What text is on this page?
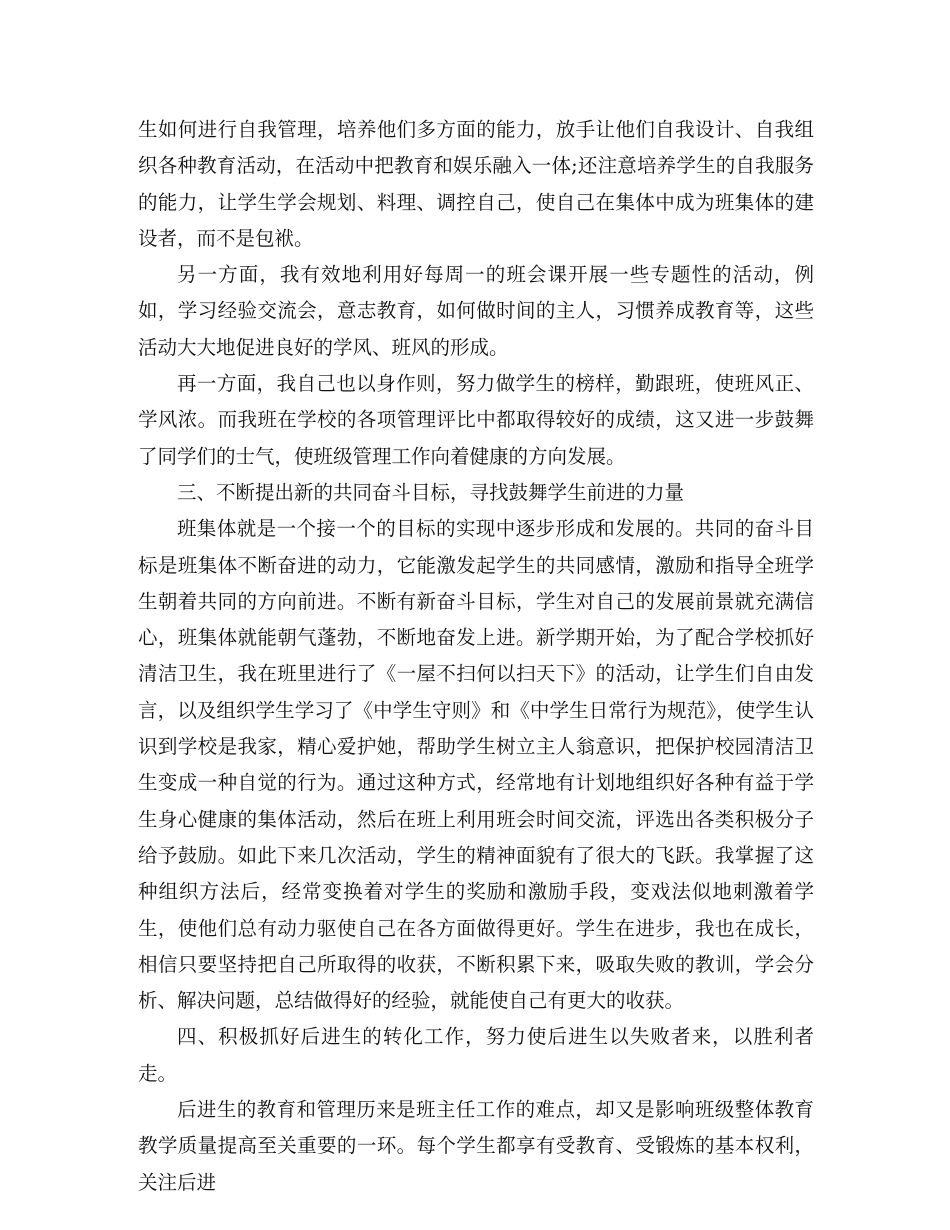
生如何进行自我管理，培养他们多方面的能力，放手让他们自我设计、自我组织各种教育活动，在活动中把教育和娱乐融入一体;还注意培养学生的自我服务的能力，让学生学会规划、料理、调控自己，使自己在集体中成为班集体的建设者，而不是包袱。

另一方面，我有效地利用好每周一的班会课开展一些专题性的活动，例如，学习经验交流会，意志教育，如何做时间的主人，习惯养成教育等，这些活动大大地促进良好的学风、班风的形成。

再一方面，我自己也以身作则，努力做学生的榜样，勤跟班，使班风正、学风浓。而我班在学校的各项管理评比中都取得较好的成绩，这又进一步鼓舞了同学们的士气，使班级管理工作向着健康的方向发展。

三、不断提出新的共同奋斗目标，寻找鼓舞学生前进的力量

班集体就是一个接一个的目标的实现中逐步形成和发展的。共同的奋斗目标是班集体不断奋进的动力，它能激发起学生的共同感情，激励和指导全班学生朝着共同的方向前进。不断有新奋斗目标，学生对自己的发展前景就充满信心，班集体就能朝气蓬勃，不断地奋发上进。新学期开始，为了配合学校抓好清洁卫生，我在班里进行了《一屋不扫何以扫天下》的活动，让学生们自由发言，以及组织学生学习了《中学生守则》和《中学生日常行为规范》，使学生认识到学校是我家，精心爱护她，帮助学生树立主人翁意识，把保护校园清洁卫生变成一种自觉的行为。通过这种方式，经常地有计划地组织好各种有益于学生身心健康的集体活动，然后在班上利用班会时间交流，评选出各类积极分子给予鼓励。如此下来几次活动，学生的精神面貌有了很大的飞跃。我掌握了这种组织方法后，经常变换着对学生的奖励和激励手段，变戏法似地刺激着学生，使他们总有动力驱使自己在各方面做得更好。学生在进步，我也在成长，相信只要坚持把自己所取得的收获，不断积累下来，吸取失败的教训，学会分析、解决问题，总结做得好的经验，就能使自己有更大的收获。

四、积极抓好后进生的转化工作，努力使后进生以失败者来，以胜利者走。

后进生的教育和管理历来是班主任工作的难点，却又是影响班级整体教育教学质量提高至关重要的一环。每个学生都享有受教育、受锻炼的基本权利，关注后进
